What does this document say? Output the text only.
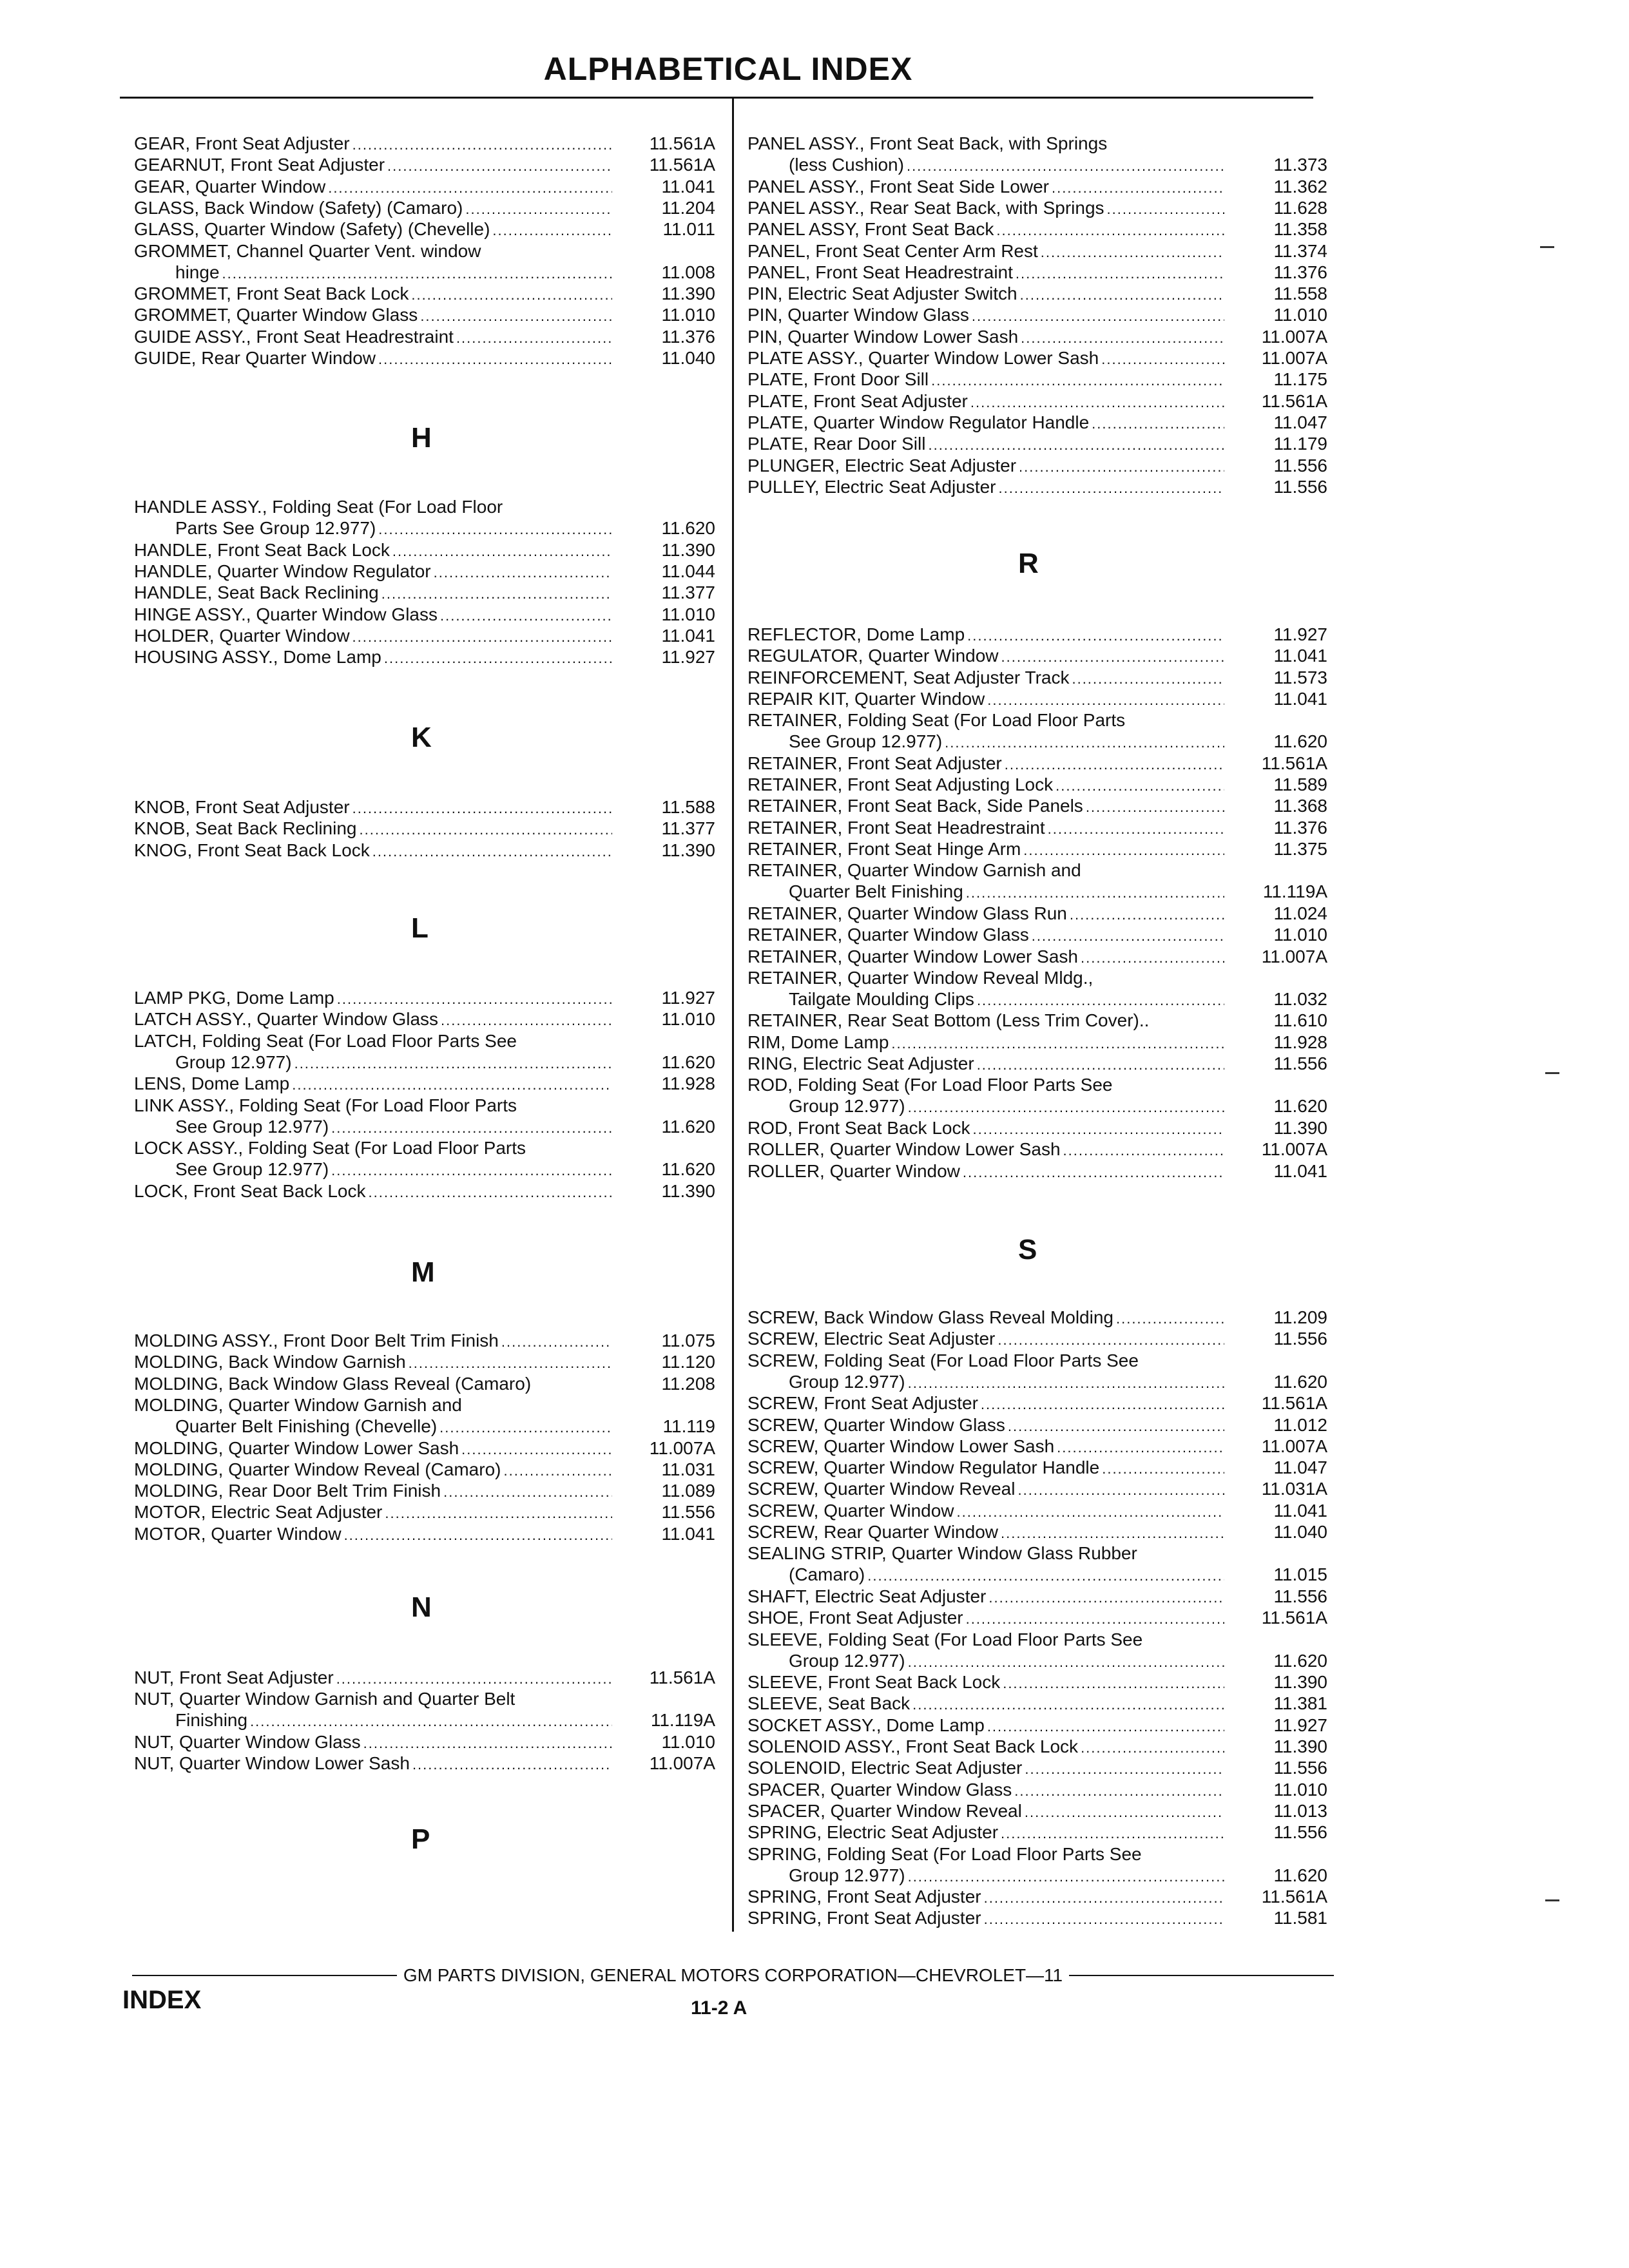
ALPHABETICAL INDEX
GEAR, Front Seat Adjuster .....	11.561A
GEARNUT, Front Seat Adjuster .....	11.561A
GEAR, Quarter Window .....	11.041
GLASS, Back Window (Safety) (Camaro) .....	11.204
GLASS, Quarter Window (Safety) (Chevelle) .....	11.011
GROMMET, Channel Quarter Vent. window
hinge .....	11.008
GROMMET, Front Seat Back Lock .....	11.390
GROMMET, Quarter Window Glass .....	11.010
GUIDE ASSY., Front Seat Headrestraint .....	11.376
GUIDE, Rear Quarter Window .....	11.040
H
HANDLE ASSY., Folding Seat (For Load Floor
Parts See Group 12.977) .....	11.620
HANDLE, Front Seat Back Lock .....	11.390
HANDLE, Quarter Window Regulator .....	11.044
HANDLE, Seat Back Reclining .....	11.377
HINGE ASSY., Quarter Window Glass .....	11.010
HOLDER, Quarter Window .....	11.041
HOUSING ASSY., Dome Lamp .....	11.927
K
KNOB, Front Seat Adjuster .....	11.588
KNOB, Seat Back Reclining .....	11.377
KNOG, Front Seat Back Lock .....	11.390
L
LAMP PKG, Dome Lamp .....	11.927
LATCH ASSY., Quarter Window Glass .....	11.010
LATCH, Folding Seat (For Load Floor Parts See
Group 12.977) .....	11.620
LENS, Dome Lamp .....	11.928
LINK ASSY., Folding Seat (For Load Floor Parts
See Group 12.977) .....	11.620
LOCK ASSY., Folding Seat (For Load Floor Parts
See Group 12.977) .....	11.620
LOCK, Front Seat Back Lock .....	11.390
M
MOLDING ASSY., Front Door Belt Trim Finish .....	11.075
MOLDING, Back Window Garnish .....	11.120
MOLDING, Back Window Glass Reveal (Camaro)	11.208
MOLDING, Quarter Window Garnish and
Quarter Belt Finishing (Chevelle) .....	11.119
MOLDING, Quarter Window Lower Sash .....	11.007A
MOLDING, Quarter Window Reveal (Camaro) .....	11.031
MOLDING, Rear Door Belt Trim Finish .....	11.089
MOTOR, Electric Seat Adjuster .....	11.556
MOTOR, Quarter Window .....	11.041
N
NUT, Front Seat Adjuster .....	11.561A
NUT, Quarter Window Garnish and Quarter Belt
Finishing .....	11.119A
NUT, Quarter Window Glass .....	11.010
NUT, Quarter Window Lower Sash .....	11.007A
P
PANEL ASSY., Front Seat Back, with Springs
(less Cushion) .....	11.373
PANEL ASSY., Front Seat Side Lower .....	11.362
PANEL ASSY., Rear Seat Back, with Springs .....	11.628
PANEL ASSY, Front Seat Back .....	11.358
PANEL, Front Seat Center Arm Rest .....	11.374
PANEL, Front Seat Headrestraint .....	11.376
PIN, Electric Seat Adjuster Switch .....	11.558
PIN, Quarter Window Glass .....	11.010
PIN, Quarter Window Lower Sash .....	11.007A
PLATE ASSY., Quarter Window Lower Sash .....	11.007A
PLATE, Front Door Sill .....	11.175
PLATE, Front Seat Adjuster .....	11.561A
PLATE, Quarter Window Regulator Handle .....	11.047
PLATE, Rear Door Sill .....	11.179
PLUNGER, Electric Seat Adjuster .....	11.556
PULLEY, Electric Seat Adjuster .....	11.556
R
REFLECTOR, Dome Lamp .....	11.927
REGULATOR, Quarter Window .....	11.041
REINFORCEMENT, Seat Adjuster Track .....	11.573
REPAIR KIT, Quarter Window .....	11.041
RETAINER, Folding Seat (For Load Floor Parts
See Group 12.977) .....	11.620
RETAINER, Front Seat Adjuster .....	11.561A
RETAINER, Front Seat Adjusting Lock .....	11.589
RETAINER, Front Seat Back, Side Panels .....	11.368
RETAINER, Front Seat Headrestraint .....	11.376
RETAINER, Front Seat Hinge Arm .....	11.375
RETAINER, Quarter Window Garnish and
Quarter Belt Finishing .....	11.119A
RETAINER, Quarter Window Glass Run .....	11.024
RETAINER, Quarter Window Glass .....	11.010
RETAINER, Quarter Window Lower Sash .....	11.007A
RETAINER, Quarter Window Reveal Mldg.,
Tailgate Moulding Clips .....	11.032
RETAINER, Rear Seat Bottom (Less Trim Cover)..	11.610
RIM, Dome Lamp .....	11.928
RING, Electric Seat Adjuster .....	11.556
ROD, Folding Seat (For Load Floor Parts See
Group 12.977) .....	11.620
ROD, Front Seat Back Lock .....	11.390
ROLLER, Quarter Window Lower Sash .....	11.007A
ROLLER, Quarter Window .....	11.041
S
SCREW, Back Window Glass Reveal Molding .....	11.209
SCREW, Electric Seat Adjuster .....	11.556
SCREW, Folding Seat (For Load Floor Parts See
Group 12.977) .....	11.620
SCREW, Front Seat Adjuster .....	11.561A
SCREW, Quarter Window Glass .....	11.012
SCREW, Quarter Window Lower Sash .....	11.007A
SCREW, Quarter Window Regulator Handle .....	11.047
SCREW, Quarter Window Reveal .....	11.031A
SCREW, Quarter Window .....	11.041
SCREW, Rear Quarter Window .....	11.040
SEALING STRIP, Quarter Window Glass Rubber
(Camaro) .....	11.015
SHAFT, Electric Seat Adjuster .....	11.556
SHOE, Front Seat Adjuster .....	11.561A
SLEEVE, Folding Seat (For Load Floor Parts See
Group 12.977) .....	11.620
SLEEVE, Front Seat Back Lock .....	11.390
SLEEVE, Seat Back .....	11.381
SOCKET ASSY., Dome Lamp .....	11.927
SOLENOID ASSY., Front Seat Back Lock .....	11.390
SOLENOID, Electric Seat Adjuster .....	11.556
SPACER, Quarter Window Glass .....	11.010
SPACER, Quarter Window Reveal .....	11.013
SPRING, Electric Seat Adjuster .....	11.556
SPRING, Folding Seat (For Load Floor Parts See
Group 12.977) .....	11.620
SPRING, Front Seat Adjuster .....	11.561A
SPRING, Front Seat Adjuster .....	11.581
GM PARTS DIVISION, GENERAL MOTORS CORPORATION—CHEVROLET—11
INDEX	11-2 A
